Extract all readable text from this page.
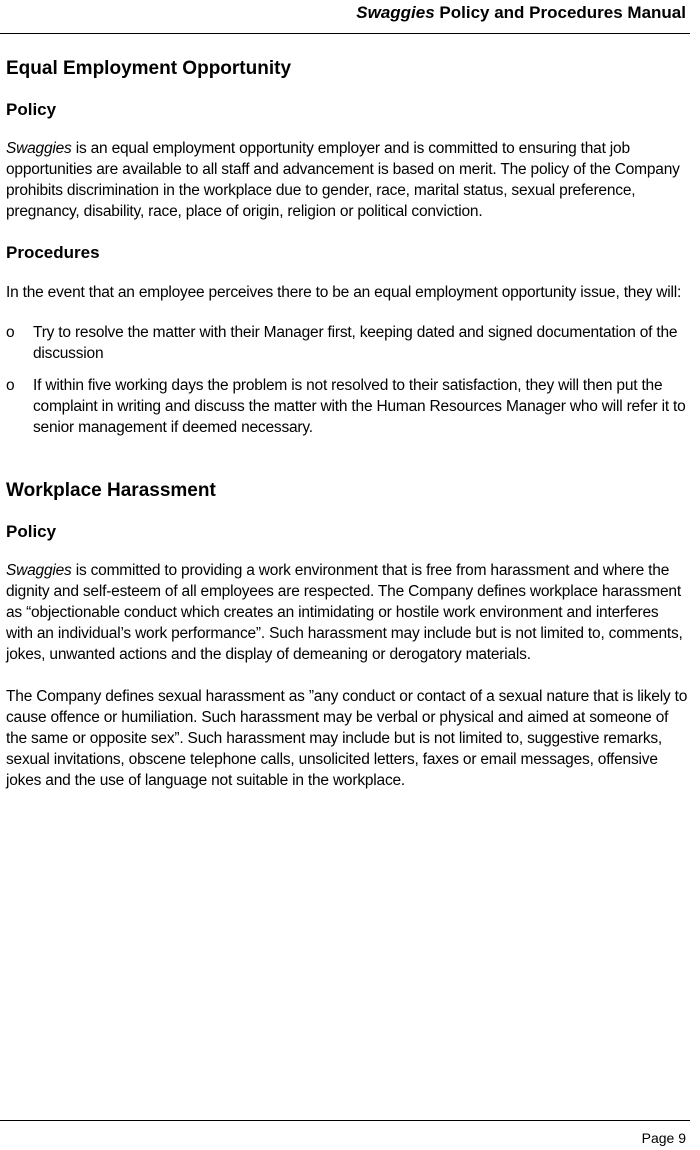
Swaggies Policy and Procedures Manual
Equal Employment Opportunity
Policy

Swaggies is an equal employment opportunity employer and is committed to ensuring that job opportunities are available to all staff and advancement is based on merit. The policy of the Company prohibits discrimination in the workplace due to gender, race, marital status, sexual preference, pregnancy, disability, race, place of origin, religion or political conviction.

Procedures

In the event that an employee perceives there to be an equal employment opportunity issue, they will:

o Try to resolve the matter with their Manager first, keeping dated and signed documentation of the discussion
o If within five working days the problem is not resolved to their satisfaction, they will then put the complaint in writing and discuss the matter with the Human Resources Manager who will refer it to senior management if deemed necessary.
Workplace Harassment
Policy

Swaggies is committed to providing a work environment that is free from harassment and where the dignity and self-esteem of all employees are respected. The Company defines workplace harassment as “objectionable conduct which creates an intimidating or hostile work environment and interferes with an individual’s work performance”. Such harassment may include but is not limited to, comments, jokes, unwanted actions and the display of demeaning or derogatory materials.

The Company defines sexual harassment as ”any conduct or contact of a sexual nature that is likely to cause offence or humiliation. Such harassment may be verbal or physical and aimed at someone of the same or opposite sex”. Such harassment may include but is not limited to, suggestive remarks, sexual invitations, obscene telephone calls, unsolicited letters, faxes or email messages, offensive jokes and the use of language not suitable in the workplace.

Page 9
